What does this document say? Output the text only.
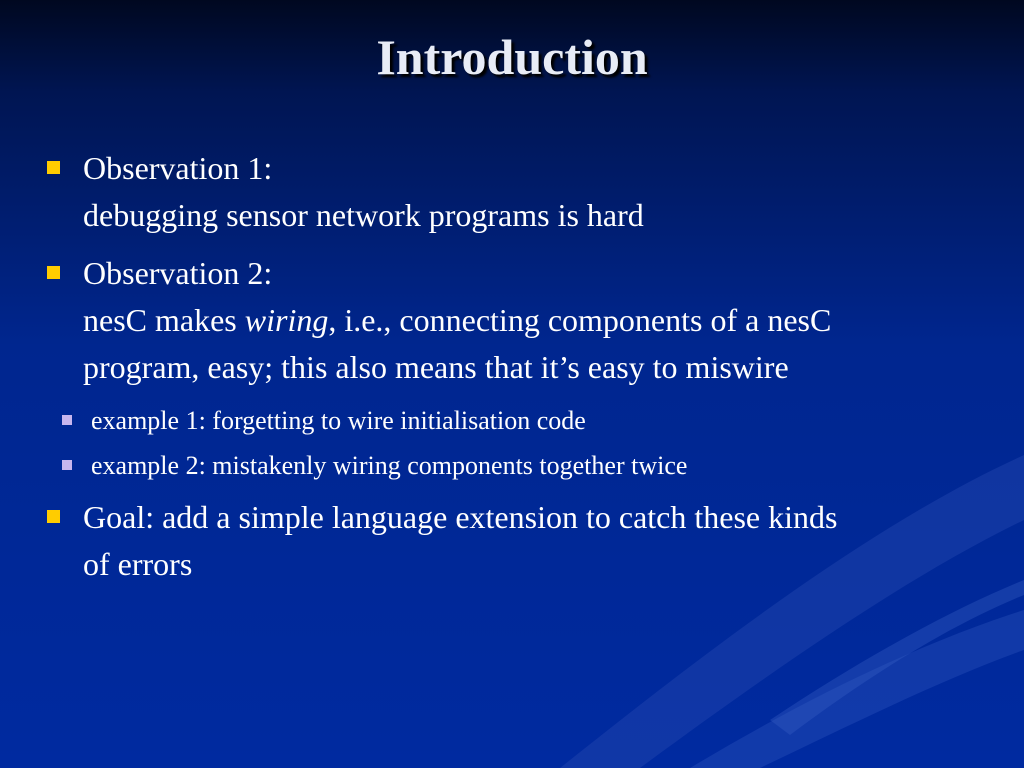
Introduction
Observation 1:
debugging sensor network programs is hard
Observation 2:
nesC makes wiring, i.e., connecting components of a nesC
program, easy; this also means that it’s easy to miswire
example 1: forgetting to wire initialisation code
example 2: mistakenly wiring components together twice
Goal: add a simple language extension to catch these kinds
of errors
